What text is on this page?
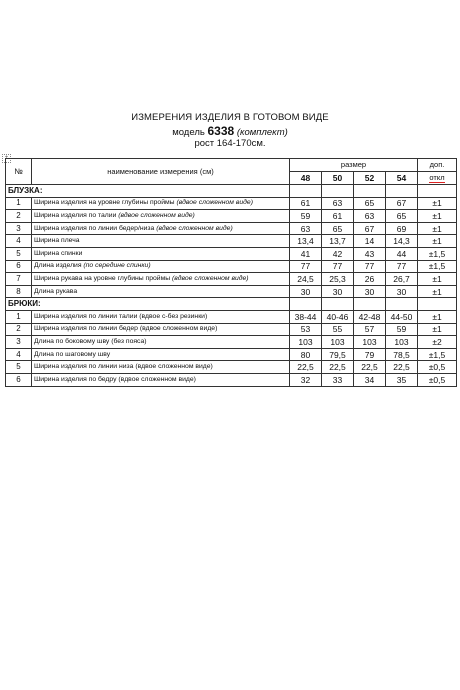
ИЗМЕРЕНИЯ ИЗДЕЛИЯ В ГОТОВОМ ВИДЕ
модель 6338 (комплект)
рост 164-170см.
+
№	наименование измерения (см)	размер				доп.
		48	50	52	54	откл
БЛУЗКА:						
1	Ширина изделия на уровне глубины проймы (вдвое сложенном виде)	61	63	65	67	±1
2	Ширина изделия по талии (вдвое сложенном виде)	59	61	63	65	±1
3	Ширина изделия по линии бедер/низа (вдвое сложенном виде)	63	65	67	69	±1
4	Ширина плеча	13,4	13,7	14	14,3	±1
5	Ширина спинки	41	42	43	44	±1,5
6	Длина изделия (по середине спинки)	77	77	77	77	±1,5
7	Ширина рукава на уровне глубины проймы (вдвое сложенном виде)	24,5	25,3	26	26,7	±1
8	Длина рукава	30	30	30	30	±1
БРЮКИ:						
1	Ширина изделия по линии талии (вдвое с-без резинки)	38-44	40-46	42-48	44-50	±1
2	Ширина изделия по линии бедер (вдвое сложенном виде)	53	55	57	59	±1
3	Длина по боковому шву (без пояса)	103	103	103	103	±2
4	Длина по шаговому шву	80	79,5	79	78,5	±1,5
5	Ширина изделия по линии низа (вдвое сложенном виде)	22,5	22,5	22,5	22,5	±0,5
6	Ширина изделия по бедру (вдвое сложенном виде)	32	33	34	35	±0,5
